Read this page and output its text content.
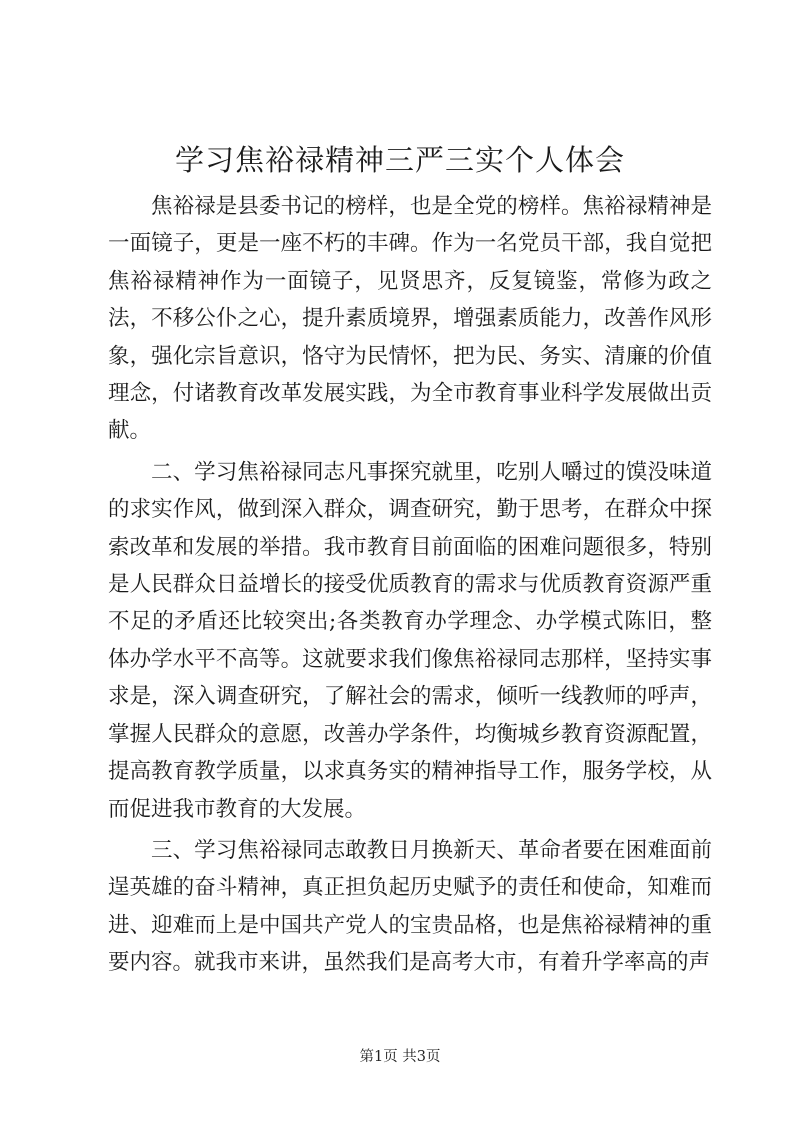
学习焦裕禄精神三严三实个人体会

焦裕禄是县委书记的榜样，也是全党的榜样。焦裕禄精神是一面镜子，更是一座不朽的丰碑。作为一名党员干部，我自觉把焦裕禄精神作为一面镜子，见贤思齐，反复镜鉴，常修为政之法，不移公仆之心，提升素质境界，增强素质能力，改善作风形象，强化宗旨意识，恪守为民情怀，把为民、务实、清廉的价值理念，付诸教育改革发展实践，为全市教育事业科学发展做出贡献。

二、学习焦裕禄同志凡事探究就里，吃别人嚼过的馍没味道的求实作风，做到深入群众，调查研究，勤于思考，在群众中探索改革和发展的举措。我市教育目前面临的困难问题很多，特别是人民群众日益增长的接受优质教育的需求与优质教育资源严重不足的矛盾还比较突出;各类教育办学理念、办学模式陈旧，整体办学水平不高等。这就要求我们像焦裕禄同志那样，坚持实事求是，深入调查研究，了解社会的需求，倾听一线教师的呼声，掌握人民群众的意愿，改善办学条件，均衡城乡教育资源配置，提高教育教学质量，以求真务实的精神指导工作，服务学校，从而促进我市教育的大发展。

三、学习焦裕禄同志敢教日月换新天、革命者要在困难面前逞英雄的奋斗精神，真正担负起历史赋予的责任和使命，知难而进、迎难而上是中国共产党人的宝贵品格，也是焦裕禄精神的重要内容。就我市来讲，虽然我们是高考大市，有着升学率高的声

第1页 共3页
